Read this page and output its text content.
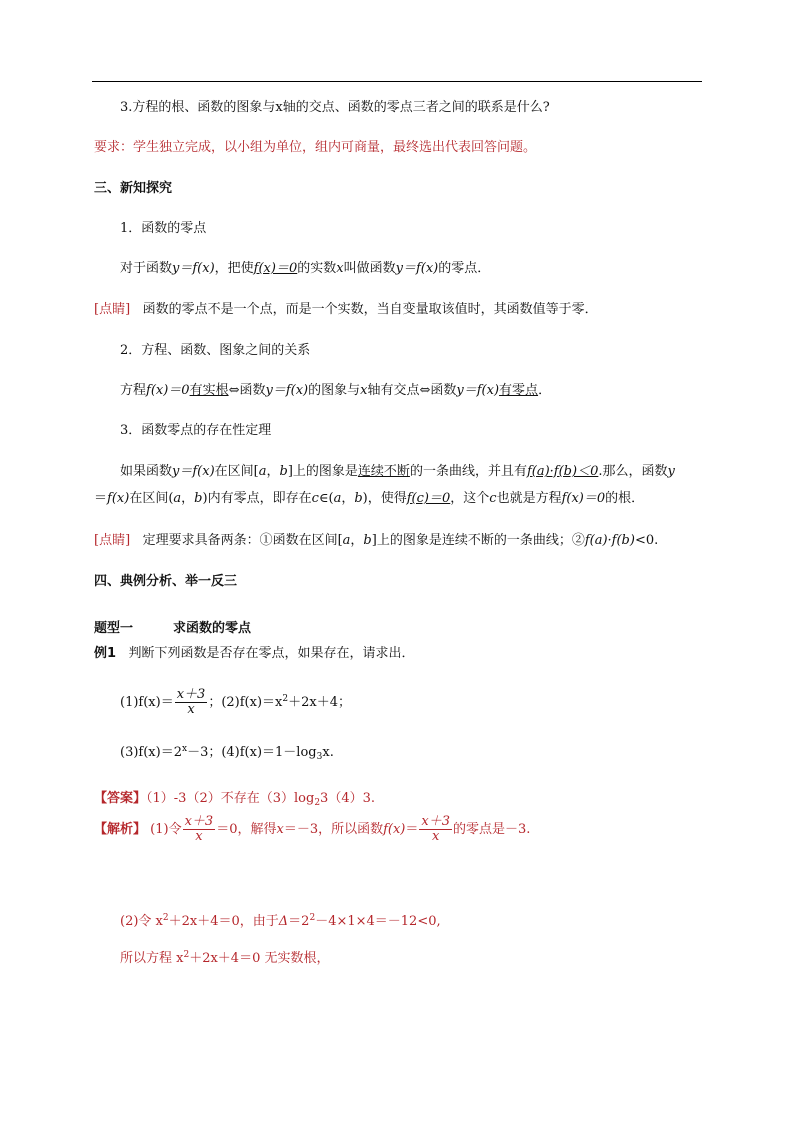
3.方程的根、函数的图象与x轴的交点、函数的零点三者之间的联系是什么?
要求：学生独立完成，以小组为单位，组内可商量，最终选出代表回答问题。
三、新知探究
1．函数的零点
对于函数y＝f(x)，把使f(x)＝0的实数x叫做函数y＝f(x)的零点．
[点睛] 函数的零点不是一个点，而是一个实数，当自变量取该值时，其函数值等于零．
2．方程、函数、图象之间的关系
方程f(x)＝0有实根⇔函数y＝f(x)的图象与x轴有交点⇔函数y＝f(x)有零点．
3．函数零点的存在性定理
如果函数y＝f(x)在区间[a，b]上的图象是连续不断的一条曲线，并且有f(a)·f(b)＜0.那么，函数y
＝f(x)在区间(a，b)内有零点，即存在c∈(a，b)，使得f(c)＝0，这个c也就是方程f(x)＝0的根．
[点睛] 定理要求具备两条：①函数在区间[a，b]上的图象是连续不断的一条曲线；②f(a)·f(b)<0.
四、典例分析、举一反三
题型一	求函数的零点
例1 判断下列函数是否存在零点，如果存在，请求出．
$(1)f(x)= \frac{x+3}{x}$ ；$(2)f(x)=x^2+2x+4$；
$(3)f(x)=2^x-3$；$(4)f(x)=1-\log_3x$.
【答案】（1）-3（2）不存在$(3)\log_23(4)3$.
【解析】 (1)令 $\frac{x+3}{x} =0$，解得x＝－3，所以函数$f(x)= \frac{x+3}{x}$ 的零点是－3.
(2)令 $x^2+2x+4=0$，由于$\Delta=2^2-4\times 1\times 4=-12<0$,
所以方程 $x^2+2x+4=0$ 无实数根，
